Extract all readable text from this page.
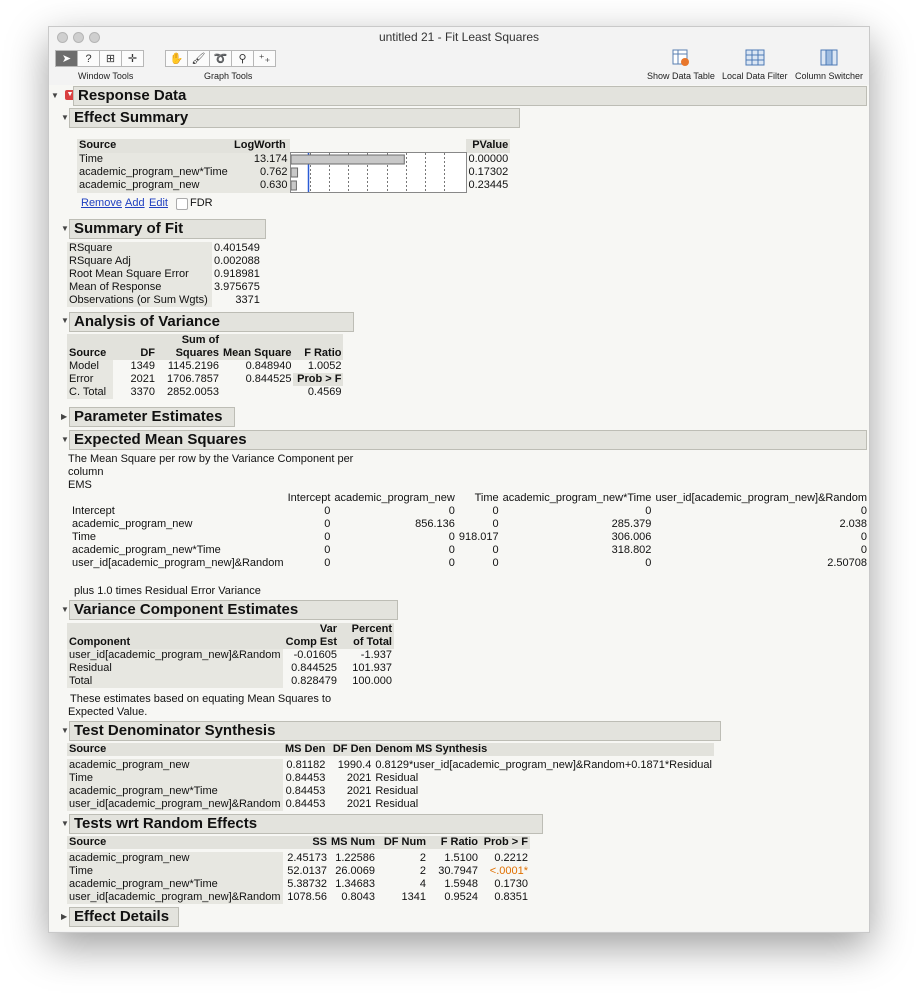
untitled 21 - Fit Least Squares
➤	?	⊞	✛
Window Tools
✋ 🖌 ➰	⚲	⁺₊
Graph Tools	Show Data Table Local Data Filter Column Switcher
▼ ▼ Response Data
▼ Effect Summary
Source	LogWorth		PValue
Time	13.174		0.00000
academic_program_new*Time	0.762		0.17302
academic_program_new	0.630		0.23445
Remove Add Edit FDR
▼ Summary of Fit
RSquare	0.401549
RSquare Adj	0.002088
Root Mean Square Error	0.918981
Mean of Response	3.975675
Observations (or Sum Wgts)	3371
▼ Analysis of Variance
		Sum of		
Source	DF	Squares	Mean Square	F Ratio
Model	1349	1145.2196	0.848940	1.0052
Error	2021	1706.7857	0.844525	Prob > F
C. Total	3370	2852.0053		0.4569
▶ Parameter Estimates
▼ Expected Mean Squares
The Mean Square per row by the Variance Component per
column
EMS
	Intercept	academic_program_new	Time	academic_program_new*Time	user_id[academic_program_new]&Random
Intercept	0	0	0	0	0
academic_program_new	0	856.136	0	285.379	2.038
Time	0	0	918.017	306.006	0
academic_program_new*Time	0	0	0	318.802	0
user_id[academic_program_new]&Random	0	0	0	0	2.50708
plus 1.0 times Residual Error Variance
▼ Variance Component Estimates
	Var	Percent
Component	Comp Est	of Total
user_id[academic_program_new]&Random	-0.01605	-1.937
Residual	0.844525	101.937
Total	0.828479	100.000
These estimates based on equating Mean Squares to
Expected Value.
▼ Test Denominator Synthesis
Source	MS Den	DF Den	Denom MS Synthesis

academic_program_new	0.81182	1990.4	0.8129*user_id[academic_program_new]&Random+0.1871*Residual
Time	0.84453	2021	Residual
academic_program_new*Time	0.84453	2021	Residual
user_id[academic_program_new]&Random	0.84453	2021	Residual
▼ Tests wrt Random Effects
Source	SS	MS Num	DF Num	F Ratio	Prob > F

academic_program_new	2.45173	1.22586	2	1.5100	0.2212
Time	52.0137	26.0069	2	30.7947	<.0001*
academic_program_new*Time	5.38732	1.34683	4	1.5948	0.1730
user_id[academic_program_new]&Random	1078.56	0.8043	1341	0.9524	0.8351
▶ Effect Details
